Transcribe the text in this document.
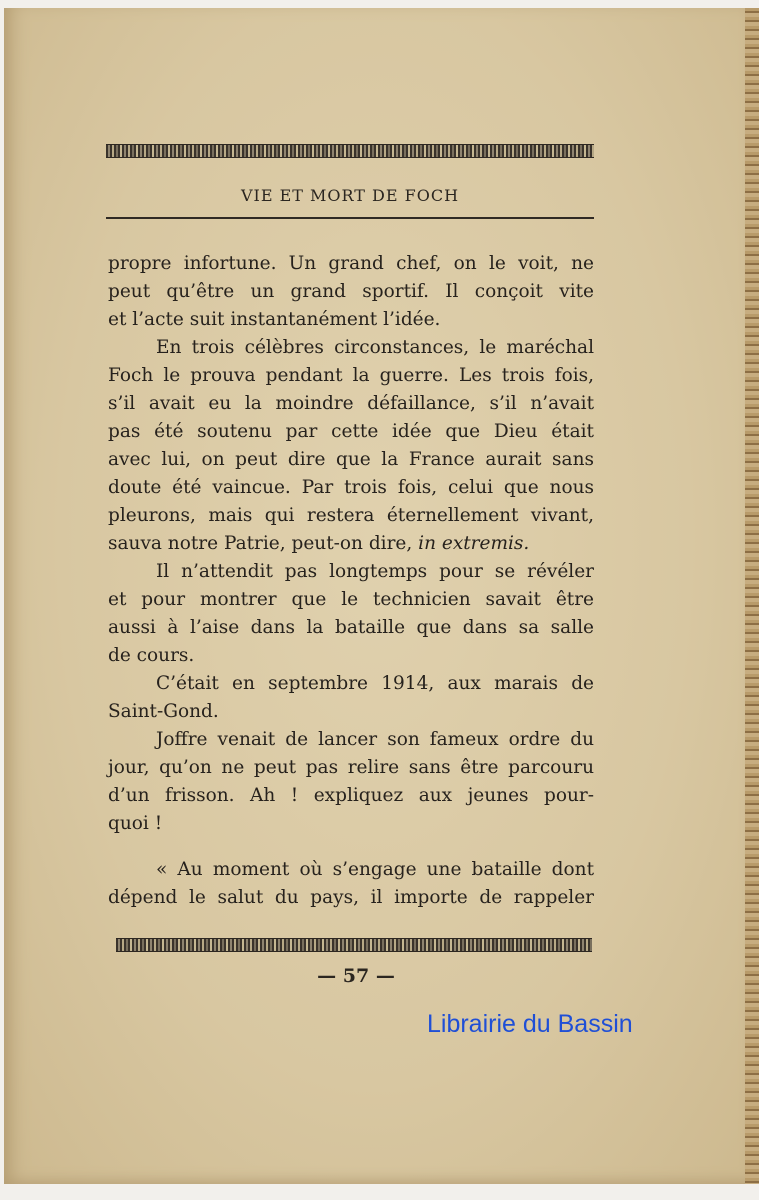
VIE ET MORT DE FOCH
propre infortune. Un grand chef, on le voit, ne
peut qu’être un grand sportif. Il conçoit vite
et l’acte suit instantanément l’idée.
En trois célèbres circonstances, le maréchal
Foch le prouva pendant la guerre. Les trois fois,
s’il avait eu la moindre défaillance, s’il n’avait
pas été soutenu par cette idée que Dieu était
avec lui, on peut dire que la France aurait sans
doute été vaincue. Par trois fois, celui que nous
pleurons, mais qui restera éternellement vivant,
sauva notre Patrie, peut-on dire, in extremis.
Il n’attendit pas longtemps pour se révéler
et pour montrer que le technicien savait être
aussi à l’aise dans la bataille que dans sa salle
de cours.
C’était en septembre 1914, aux marais de
Saint-Gond.
Joffre venait de lancer son fameux ordre du
jour, qu’on ne peut pas relire sans être parcouru
d’un frisson. Ah ! expliquez aux jeunes pour-
quoi !
« Au moment où s’engage une bataille dont
dépend le salut du pays, il importe de rappeler
— 57 —
Librairie du Bassin
